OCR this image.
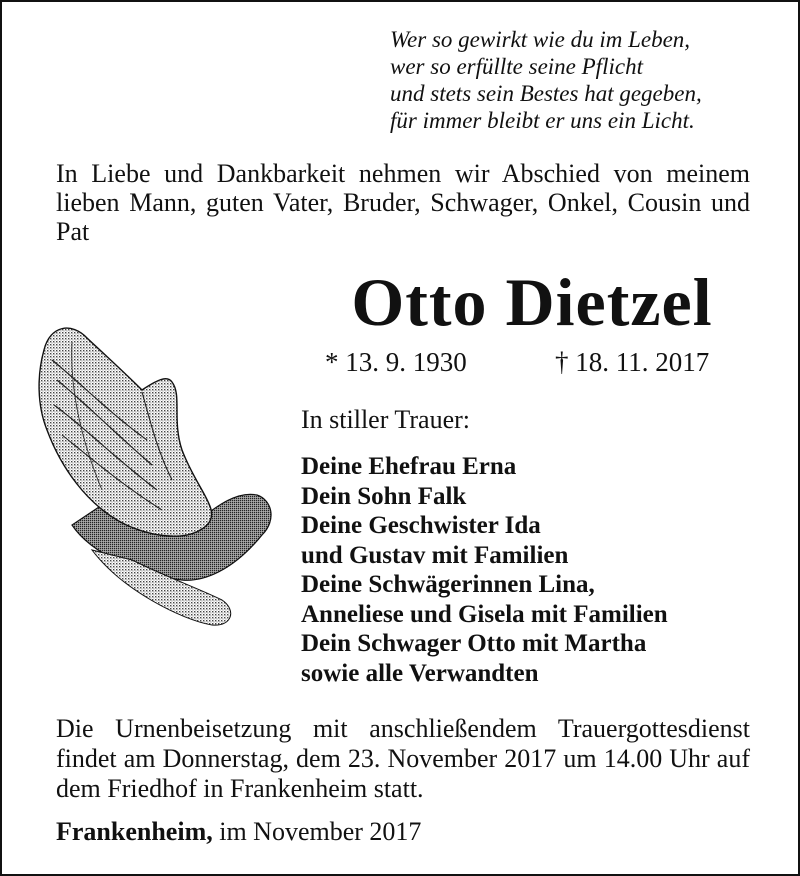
Wer so gewirkt wie du im Leben,
wer so erfüllte seine Pflicht
und stets sein Bestes hat gegeben,
für immer bleibt er uns ein Licht.
In Liebe und Dankbarkeit nehmen wir Abschied von meinem lieben Mann, guten Vater, Bruder, Schwager, Onkel, Cousin und Pat
Otto Dietzel
* 13. 9. 1930	† 18. 11. 2017
In stiller Trauer:
Deine Ehefrau Erna
Dein Sohn Falk
Deine Geschwister Ida
und Gustav mit Familien
Deine Schwägerinnen Lina,
Anneliese und Gisela mit Familien
Dein Schwager Otto mit Martha
sowie alle Verwandten
Die Urnenbeisetzung mit anschließendem Trauergottesdienst findet am Donnerstag, dem 23. November 2017 um 14.00 Uhr auf dem Friedhof in Frankenheim statt.
Frankenheim, im November 2017
